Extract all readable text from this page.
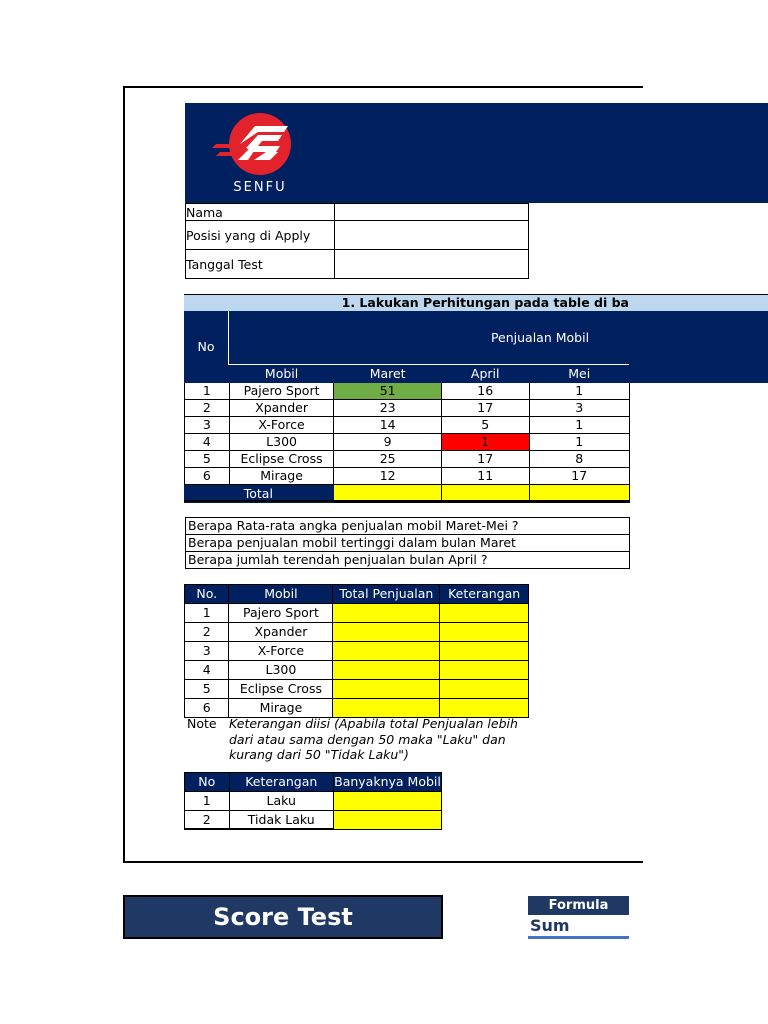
SENFU
Nama	
Posisi yang di Apply	
Tanggal Test	
1. Lakukan Perhitungan pada table di ba
No
Penjualan Mobil
	Mobil	Maret	April	Mei
1	Pajero Sport	51	16	1
2	Xpander	23	17	3
3	X-Force	14	5	1
4	L300	9	1	1
5	Eclipse Cross	25	17	8
6	Mirage	12	11	17
	Total			
Berapa Rata-rata angka penjualan mobil Maret-Mei ?
Berapa penjualan mobil tertinggi dalam bulan Maret
Berapa jumlah terendah penjualan bulan April ?
No.	Mobil	Total Penjualan	Keterangan
1	Pajero Sport		
2	Xpander		
3	X-Force		
4	L300		
5	Eclipse Cross		
6	Mirage		
Note Keterangan diisi (Apabila total Penjualan lebih
dari atau sama dengan 50 maka "Laku" dan
kurang dari 50 "Tidak Laku")
No	Keterangan	Banyaknya Mobil
1	Laku	
2	Tidak Laku	
Score Test	Formula
Sum
